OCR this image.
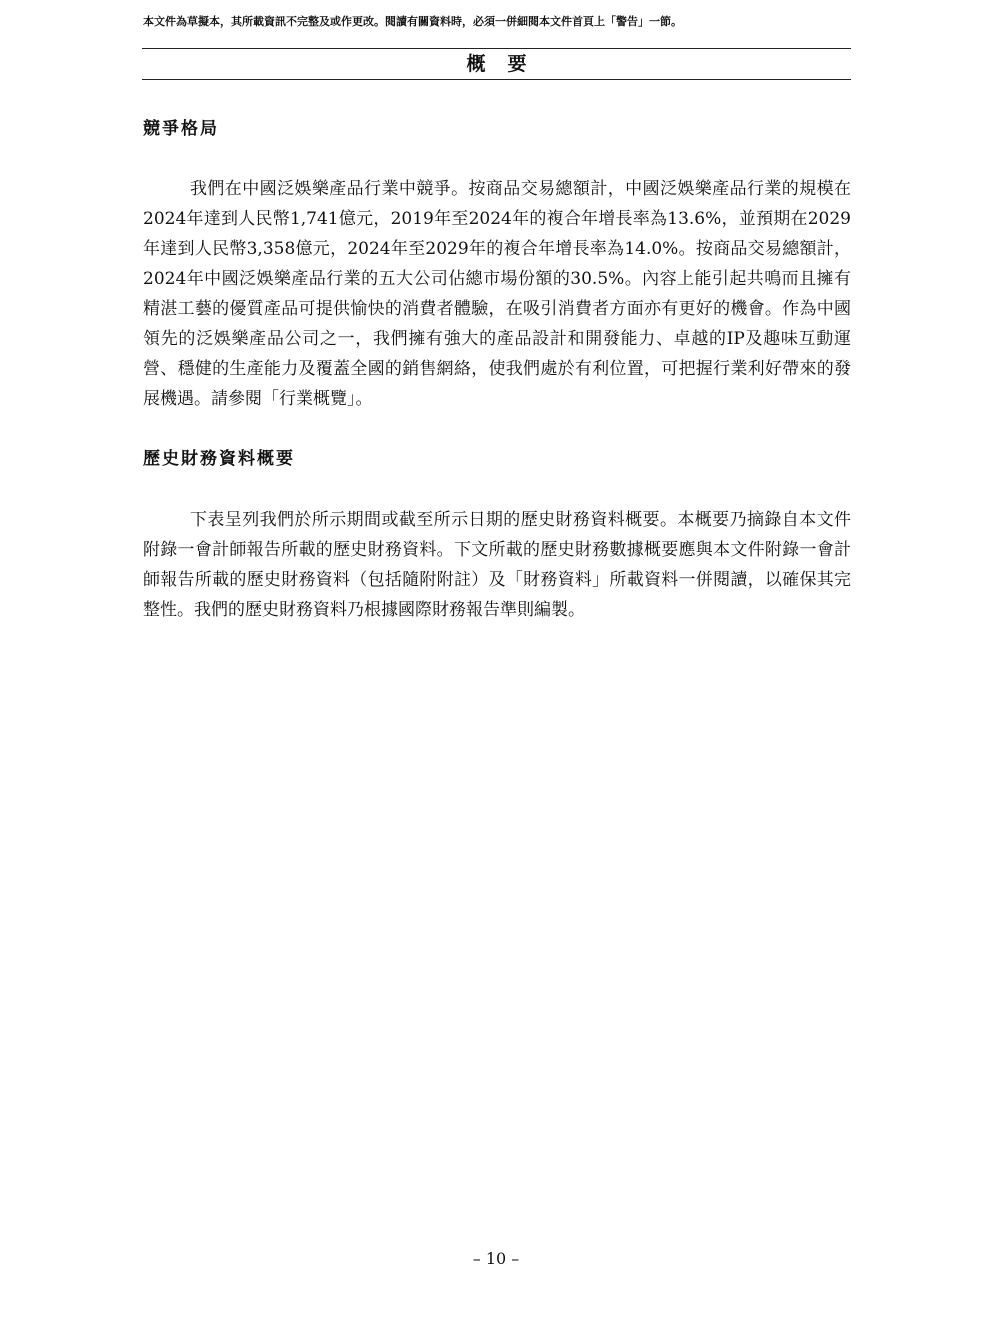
本文件為草擬本，其所載資訊不完整及或作更改。閱讀有關資料時，必須一併細閱本文件首頁上「警告」一節。
概要
競爭格局

我們在中國泛娛樂產品行業中競爭。按商品交易總額計，中國泛娛樂產品行業的規模在2024年達到人民幣1,741億元，2019年至2024年的複合年增長率為13.6%，並預期在2029年達到人民幣3,358億元，2024年至2029年的複合年增長率為14.0%。按商品交易總額計，2024年中國泛娛樂產品行業的五大公司佔總市場份額的30.5%。內容上能引起共鳴而且擁有精湛工藝的優質產品可提供愉快的消費者體驗，在吸引消費者方面亦有更好的機會。作為中國領先的泛娛樂產品公司之一，我們擁有強大的產品設計和開發能力、卓越的IP及趣味互動運營、穩健的生產能力及覆蓋全國的銷售網絡，使我們處於有利位置，可把握行業利好帶來的發展機遇。請參閱「行業概覽」。

歷史財務資料概要

下表呈列我們於所示期間或截至所示日期的歷史財務資料概要。本概要乃摘錄自本文件附錄一會計師報告所載的歷史財務資料。下文所載的歷史財務數據概要應與本文件附錄一會計師報告所載的歷史財務資料（包括隨附附註）及「財務資料」所載資料一併閱讀，以確保其完整性。我們的歷史財務資料乃根據國際財務報告準則編製。

– 10 –
